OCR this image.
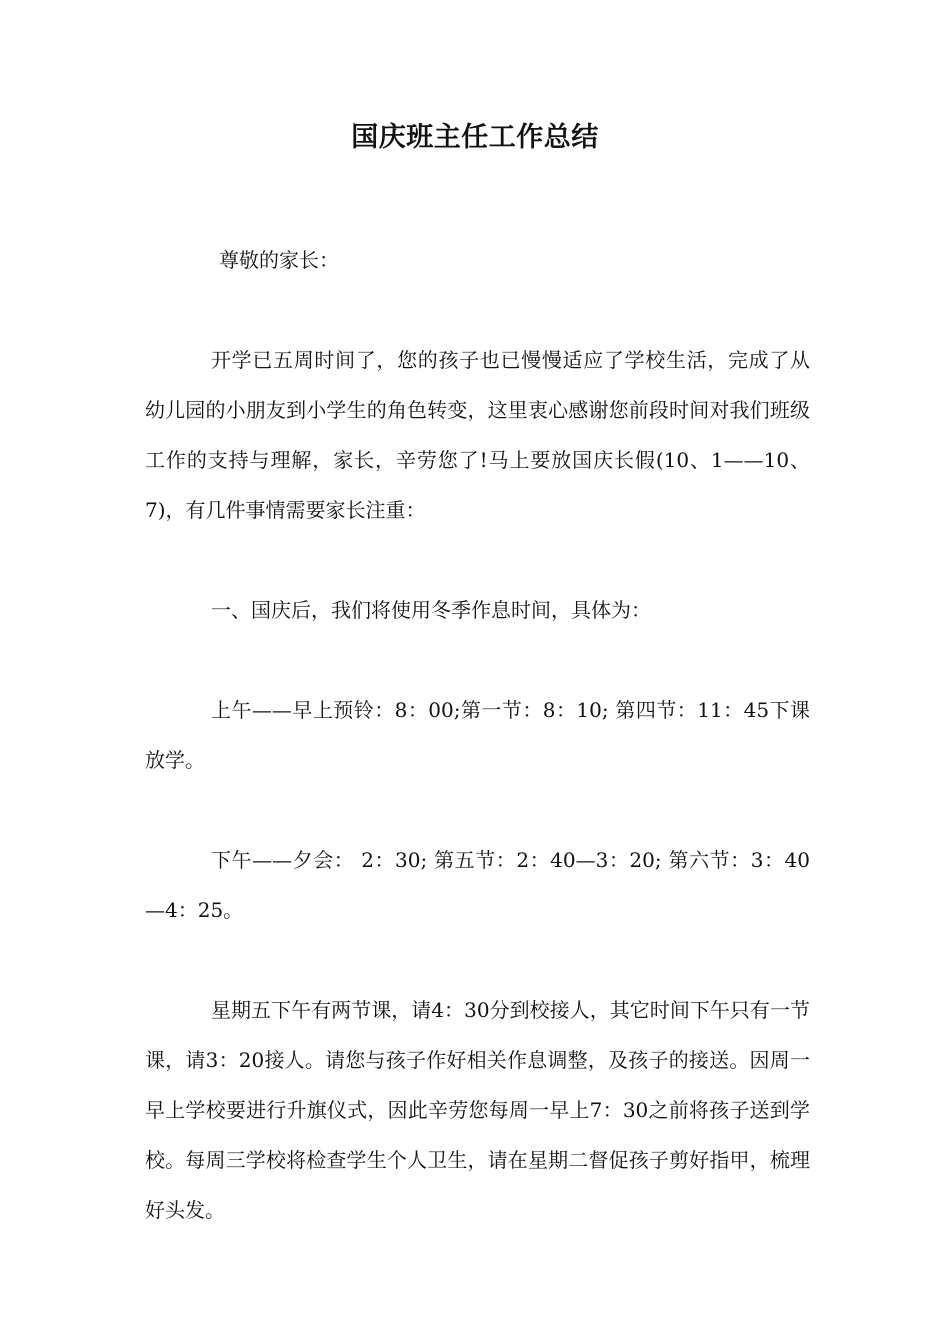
国庆班主任工作总结

尊敬的家长：

开学已五周时间了，您的孩子也已慢慢适应了学校生活，完成了从幼儿园的小朋友到小学生的角色转变，这里衷心感谢您前段时间对我们班级工作的支持与理解，家长，辛劳您了!马上要放国庆长假(10、1——10、7)，有几件事情需要家长注重：

一、国庆后，我们将使用冬季作息时间，具体为：

上午——早上预铃：8：00;第一节：8：10; 第四节：11：45下课放学。

下午——夕会： 2：30; 第五节：2：40—3：20; 第六节：3：40—4：25。

星期五下午有两节课，请4：30分到校接人，其它时间下午只有一节课，请3：20接人。请您与孩子作好相关作息调整，及孩子的接送。因周一早上学校要进行升旗仪式，因此辛劳您每周一早上7：30之前将孩子送到学校。每周三学校将检查学生个人卫生，请在星期二督促孩子剪好指甲，梳理好头发。
